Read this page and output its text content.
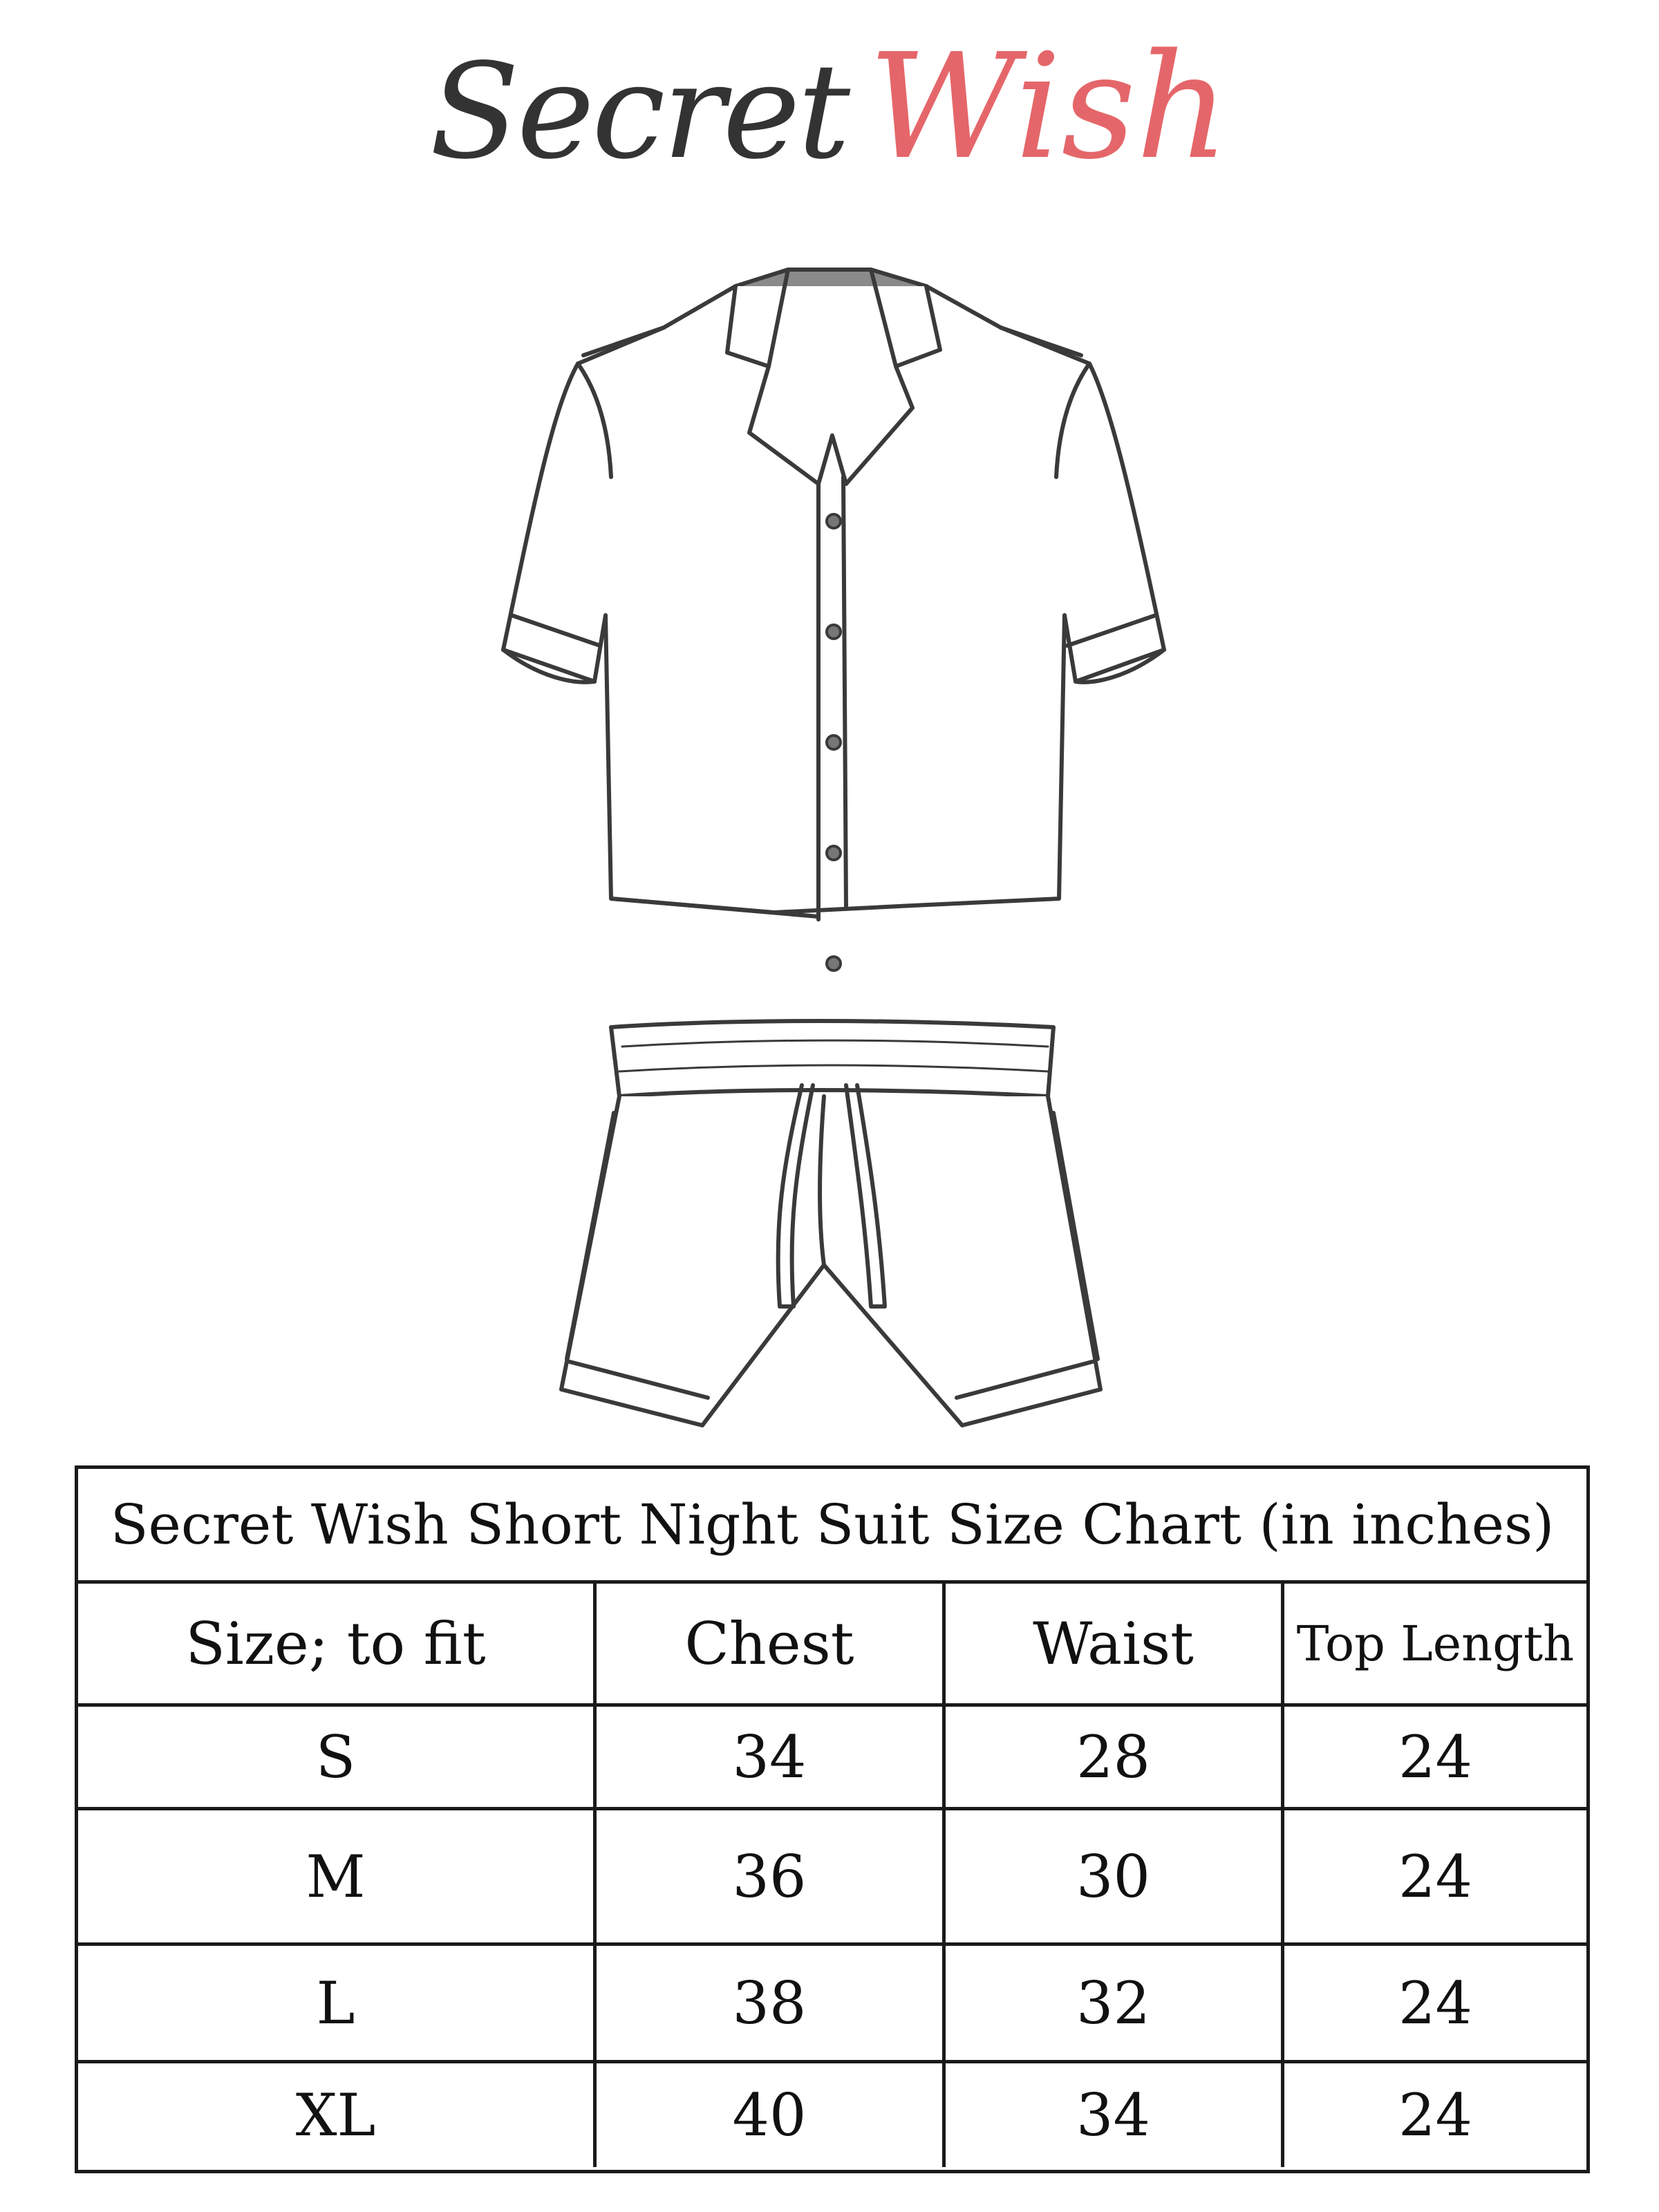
Secret Wish
Secret Wish Short Night Suit Size Chart (in inches)
Size; to fit	Chest	Waist	Top Length
S	34	28	24
M	36	30	24
L	38	32	24
XL	40	34	24
